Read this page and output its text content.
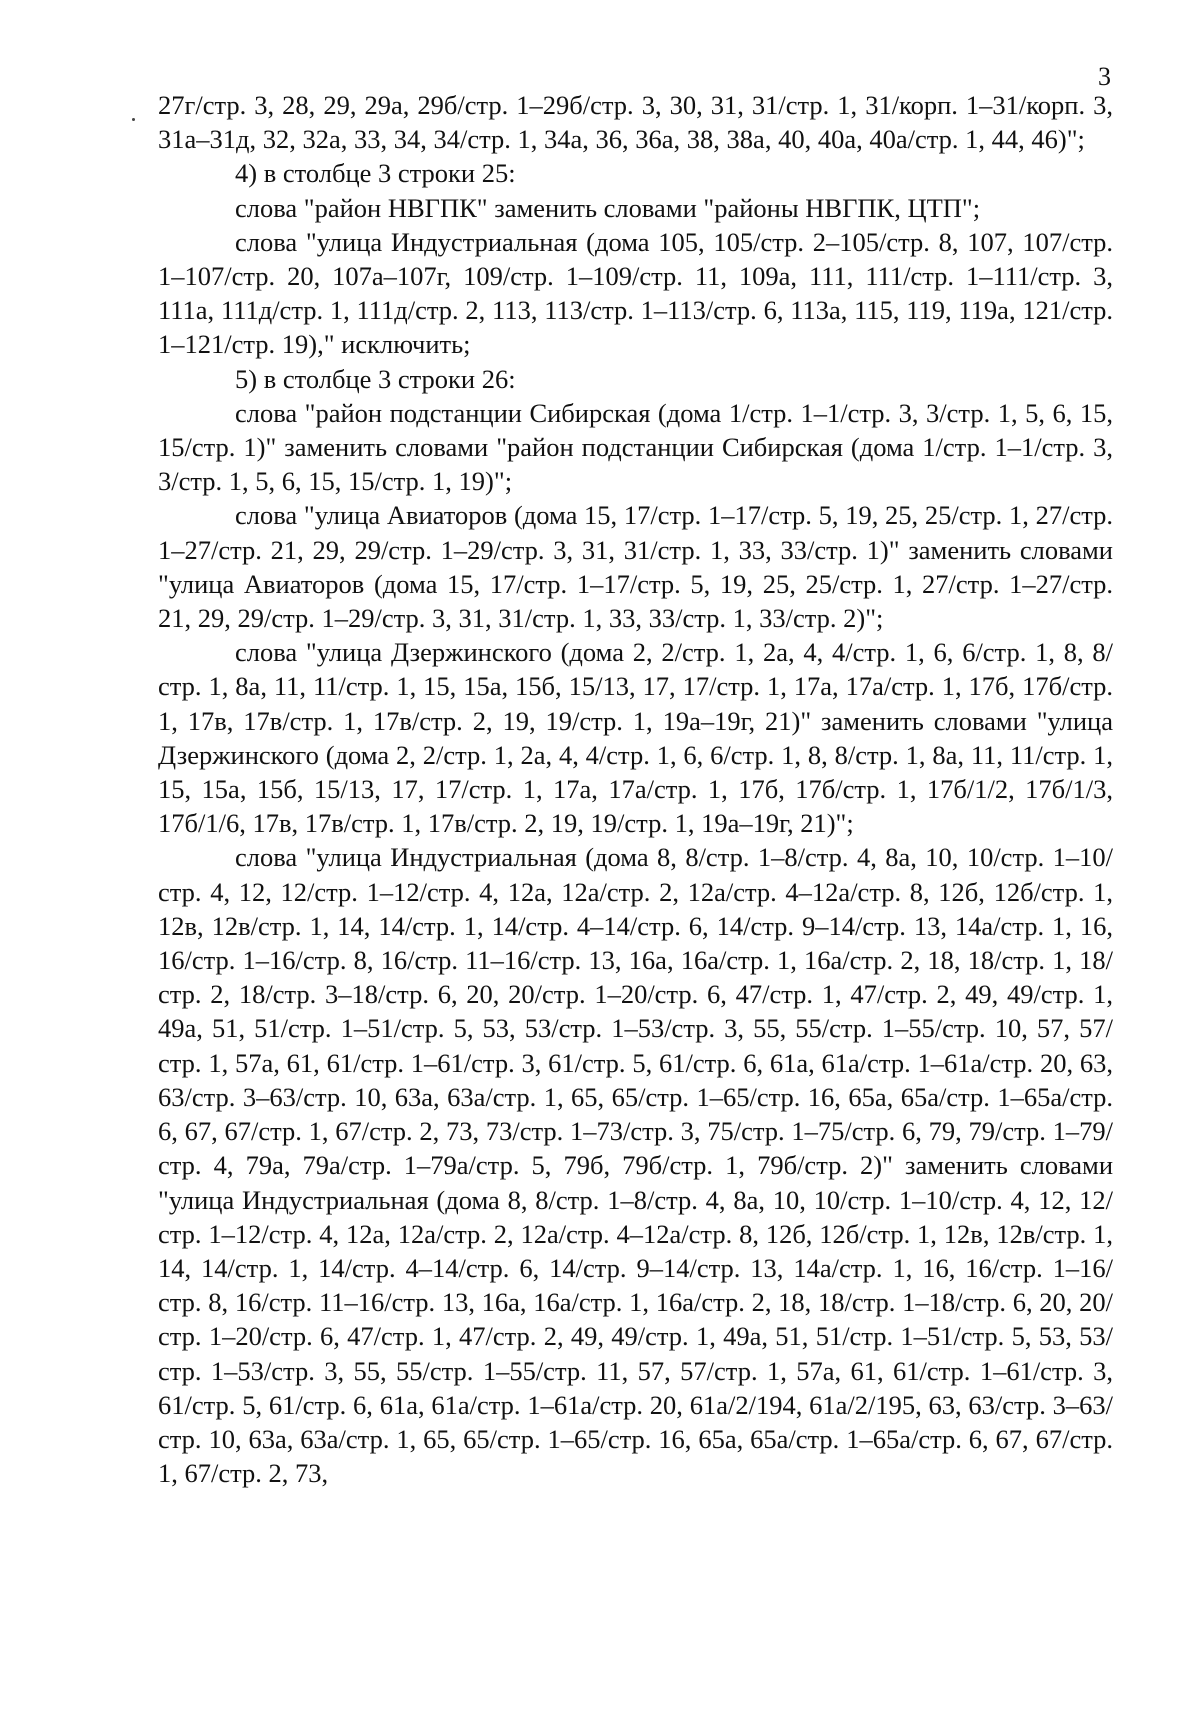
3

27г/стр. 3, 28, 29, 29а, 29б/стр. 1–29б/стр. 3, 30, 31, 31/стр. 1, 31/корп. 1–31/корп. 3, 31а–31д, 32, 32а, 33, 34, 34/стр. 1, 34а, 36, 36а, 38, 38а, 40, 40а, 40а/стр. 1, 44, 46)";

4) в столбце 3 строки 25:

слова "район НВГПК" заменить словами "районы НВГПК, ЦТП";

слова "улица Индустриальная (дома 105, 105/стр. 2–105/стр. 8, 107, 107/стр. 1–107/стр. 20, 107а–107г, 109/стр. 1–109/стр. 11, 109а, 111, 111/стр. 1–111/стр. 3, 111а, 111д/стр. 1, 111д/стр. 2, 113, 113/стр. 1–113/стр. 6, 113а, 115, 119, 119а, 121/стр. 1–121/стр. 19)," исключить;

5) в столбце 3 строки 26:

слова "район подстанции Сибирская (дома 1/стр. 1–1/стр. 3, 3/стр. 1, 5, 6, 15, 15/стр. 1)" заменить словами "район подстанции Сибирская (дома 1/стр. 1–1/стр. 3, 3/стр. 1, 5, 6, 15, 15/стр. 1, 19)";

слова "улица Авиаторов (дома 15, 17/стр. 1–17/стр. 5, 19, 25, 25/стр. 1, 27/стр. 1–27/стр. 21, 29, 29/стр. 1–29/стр. 3, 31, 31/стр. 1, 33, 33/стр. 1)" заменить словами "улица Авиаторов (дома 15, 17/стр. 1–17/стр. 5, 19, 25, 25/стр. 1, 27/стр. 1–27/стр. 21, 29, 29/стр. 1–29/стр. 3, 31, 31/стр. 1, 33, 33/стр. 1, 33/стр. 2)";

слова "улица Дзержинского (дома 2, 2/стр. 1, 2а, 4, 4/стр. 1, 6, 6/стр. 1, 8, 8/стр. 1, 8а, 11, 11/стр. 1, 15, 15а, 15б, 15/13, 17, 17/стр. 1, 17а, 17а/стр. 1, 17б, 17б/стр. 1, 17в, 17в/стр. 1, 17в/стр. 2, 19, 19/стр. 1, 19а–19г, 21)" заменить словами "улица Дзержинского (дома 2, 2/стр. 1, 2а, 4, 4/стр. 1, 6, 6/стр. 1, 8, 8/стр. 1, 8а, 11, 11/стр. 1, 15, 15а, 15б, 15/13, 17, 17/стр. 1, 17а, 17а/стр. 1, 17б, 17б/стр. 1, 17б/1/2, 17б/1/3, 17б/1/6, 17в, 17в/стр. 1, 17в/стр. 2, 19, 19/стр. 1, 19а–19г, 21)";

слова "улица Индустриальная (дома 8, 8/стр. 1–8/стр. 4, 8а, 10, 10/стр. 1–10/стр. 4, 12, 12/стр. 1–12/стр. 4, 12а, 12а/стр. 2, 12а/стр. 4–12а/стр. 8, 12б, 12б/стр. 1, 12в, 12в/стр. 1, 14, 14/стр. 1, 14/стр. 4–14/стр. 6, 14/стр. 9–14/стр. 13, 14а/стр. 1, 16, 16/стр. 1–16/стр. 8, 16/стр. 11–16/стр. 13, 16а, 16а/стр. 1, 16а/стр. 2, 18, 18/стр. 1, 18/стр. 2, 18/стр. 3–18/стр. 6, 20, 20/стр. 1–20/стр. 6, 47/стр. 1, 47/стр. 2, 49, 49/стр. 1, 49а, 51, 51/стр. 1–51/стр. 5, 53, 53/стр. 1–53/стр. 3, 55, 55/стр. 1–55/стр. 10, 57, 57/стр. 1, 57а, 61, 61/стр. 1–61/стр. 3, 61/стр. 5, 61/стр. 6, 61а, 61а/стр. 1–61а/стр. 20, 63, 63/стр. 3–63/стр. 10, 63а, 63а/стр. 1, 65, 65/стр. 1–65/стр. 16, 65а, 65а/стр. 1–65а/стр. 6, 67, 67/стр. 1, 67/стр. 2, 73, 73/стр. 1–73/стр. 3, 75/стр. 1–75/стр. 6, 79, 79/стр. 1–79/стр. 4, 79а, 79а/стр. 1–79а/стр. 5, 79б, 79б/стр. 1, 79б/стр. 2)" заменить словами "улица Индустриальная (дома 8, 8/стр. 1–8/стр. 4, 8а, 10, 10/стр. 1–10/стр. 4, 12, 12/стр. 1–12/стр. 4, 12а, 12а/стр. 2, 12а/стр. 4–12а/стр. 8, 12б, 12б/стр. 1, 12в, 12в/стр. 1, 14, 14/стр. 1, 14/стр. 4–14/стр. 6, 14/стр. 9–14/стр. 13, 14а/стр. 1, 16, 16/стр. 1–16/стр. 8, 16/стр. 11–16/стр. 13, 16а, 16а/стр. 1, 16а/стр. 2, 18, 18/стр. 1–18/стр. 6, 20, 20/стр. 1–20/стр. 6, 47/стр. 1, 47/стр. 2, 49, 49/стр. 1, 49а, 51, 51/стр. 1–51/стр. 5, 53, 53/стр. 1–53/стр. 3, 55, 55/стр. 1–55/стр. 11, 57, 57/стр. 1, 57а, 61, 61/стр. 1–61/стр. 3, 61/стр. 5, 61/стр. 6, 61а, 61а/стр. 1–61а/стр. 20, 61а/2/194, 61а/2/195, 63, 63/стр. 3–63/стр. 10, 63а, 63а/стр. 1, 65, 65/стр. 1–65/стр. 16, 65а, 65а/стр. 1–65а/стр. 6, 67, 67/стр. 1, 67/стр. 2, 73,
